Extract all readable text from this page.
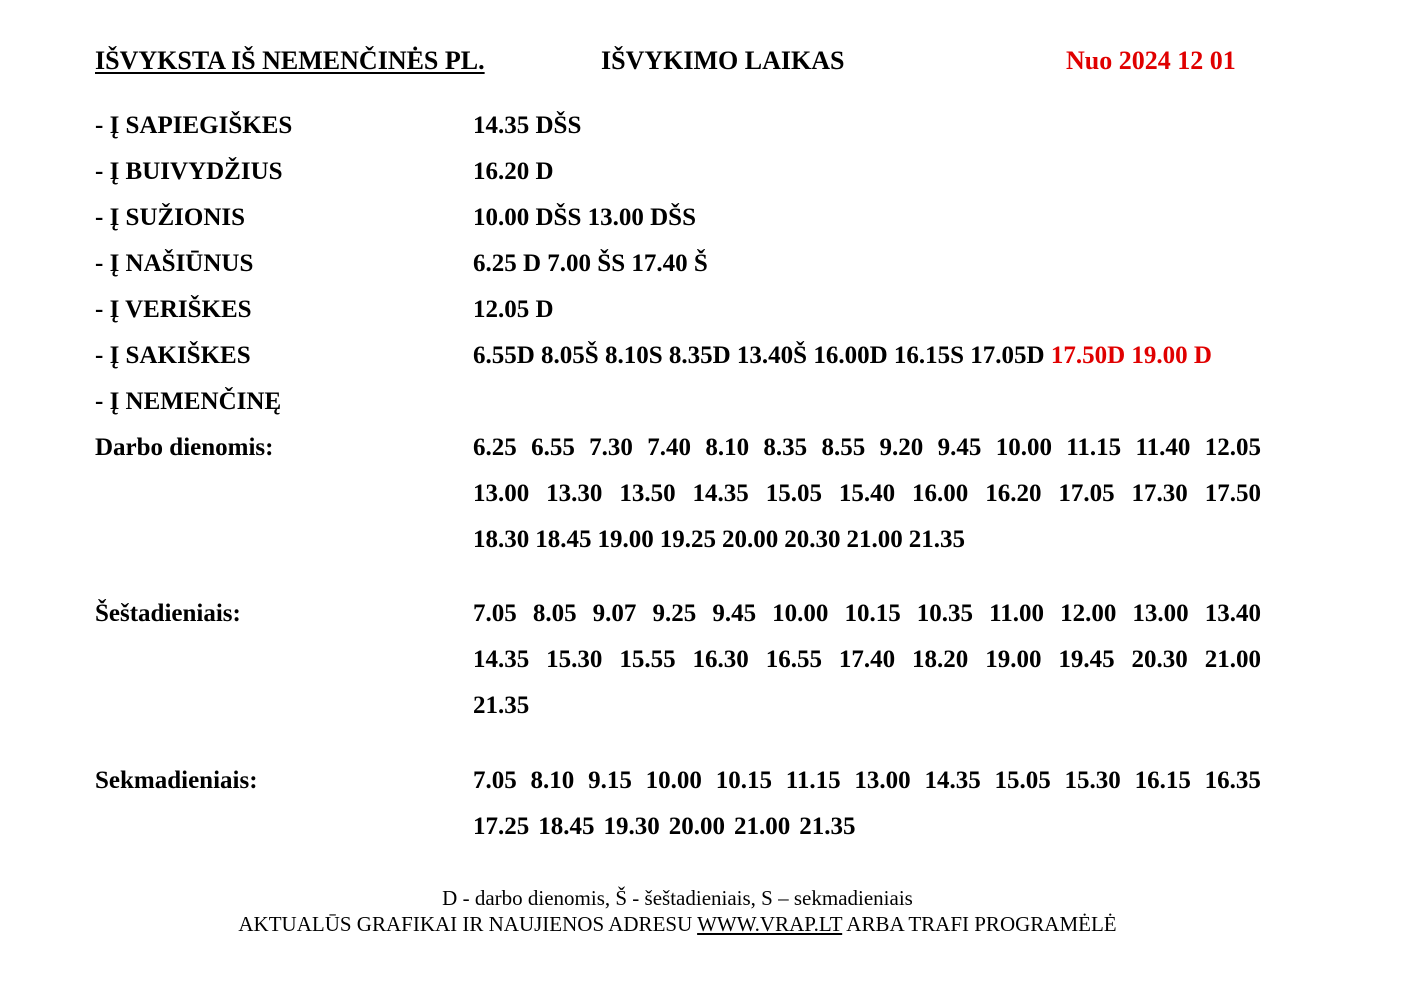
IŠVYKSTA IŠ NEMENČINĖS PL.	IŠVYKIMO LAIKAS	Nuo 2024 12 01
- Į SAPIEGIŠKES	14.35 DŠS
- Į BUIVYDŽIUS	16.20 D
- Į SUŽIONIS	10.00 DŠS 13.00 DŠS
- Į NAŠIŪNUS	6.25 D 7.00 ŠS 17.40 Š
- Į VERIŠKES	12.05 D
- Į SAKIŠKES	6.55D 8.05Š 8.10S 8.35D 13.40Š 16.00D 16.15S 17.05D 17.50D 19.00 D
- Į NEMENČINĘ
Darbo dienomis:	6.25 6.55 7.30 7.40 8.10 8.35 8.55 9.20 9.45 10.00 11.15 11.40 12.05
13.00 13.30 13.50 14.35 15.05 15.40 16.00 16.20 17.05 17.30 17.50
18.30 18.45 19.00 19.25 20.00 20.30 21.00 21.35
Šeštadieniais:	7.05 8.05 9.07 9.25 9.45 10.00 10.15 10.35 11.00 12.00 13.00 13.40
14.35 15.30 15.55 16.30 16.55 17.40 18.20 19.00 19.45 20.30 21.00
21.35
Sekmadieniais:	7.05 8.10 9.15 10.00 10.15 11.15 13.00 14.35 15.05 15.30 16.15 16.35
17.25 18.45 19.30 20.00 21.00 21.35
D - darbo dienomis, Š - šeštadieniais, S – sekmadieniais
AKTUALŪS GRAFIKAI IR NAUJIENOS ADRESU WWW.VRAP.LT ARBA TRAFI PROGRAMĖLĖ
